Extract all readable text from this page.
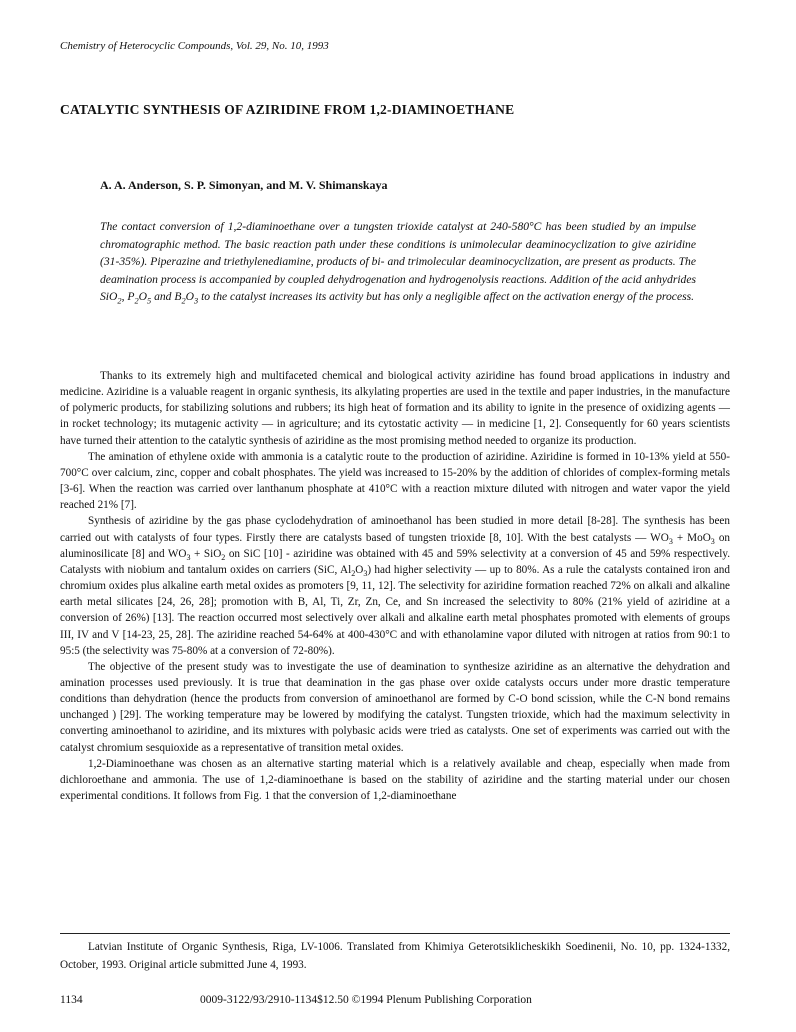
Chemistry of Heterocyclic Compounds, Vol. 29, No. 10, 1993
CATALYTIC SYNTHESIS OF AZIRIDINE FROM 1,2-DIAMINOETHANE
A. A. Anderson, S. P. Simonyan, and M. V. Shimanskaya
The contact conversion of 1,2-diaminoethane over a tungsten trioxide catalyst at 240-580°C has been studied by an impulse chromatographic method. The basic reaction path under these conditions is unimolecular deaminocyclization to give aziridine (31-35%). Piperazine and triethylenediamine, products of bi- and trimolecular deaminocyclization, are present as products. The deamination process is accompanied by coupled dehydrogenation and hydrogenolysis reactions. Addition of the acid anhydrides SiO$_2$, $P_2O_5$ and $B_2O_3$ to the catalyst increases its activity but has only a negligible affect on the activation energy of the process.

Thanks to its extremely high and multifaceted chemical and biological activity aziridine has found broad applications in industry and medicine. Aziridine is a valuable reagent in organic synthesis, its alkylating properties are used in the textile and paper industries, in the manufacture of polymeric products, for stabilizing solutions and rubbers; its high heat of formation and its ability to ignite in the presence of oxidizing agents — in rocket technology; its mutagenic activity — in agriculture; and its cytostatic activity — in medicine [1, 2]. Consequently for 60 years scientists have turned their attention to the catalytic synthesis of aziridine as the most promising method needed to organize its production.

The amination of ethylene oxide with ammonia is a catalytic route to the production of aziridine. Aziridine is formed in 10-13% yield at 550-700°C over calcium, zinc, copper and cobalt phosphates. The yield was increased to 15-20% by the addition of chlorides of complex-forming metals [3-6]. When the reaction was carried over lanthanum phosphate at 410°C with a reaction mixture diluted with nitrogen and water vapor the yield reached 21% [7].

Synthesis of aziridine by the gas phase cyclodehydration of aminoethanol has been studied in more detail [8-28]. The synthesis has been carried out with catalysts of four types. Firstly there are catalysts based of tungsten trioxide [8, 10]. With the best catalysts — $WO_3 + MoO_3$ on aluminosilicate [8] and $WO_3 + SiO_2$ on SiC [10] - aziridine was obtained with 45 and 59% selectivity at a conversion of 45 and 59% respectively. Catalysts with niobium and tantalum oxides on carriers (SiC, $Al_2O_3$) had higher selectivity — up to 80%. As a rule the catalysts contained iron and chromium oxides plus alkaline earth metal oxides as promoters [9, 11, 12]. The selectivity for aziridine formation reached 72% on alkali and alkaline earth metal silicates [24, 26, 28]; promotion with B, Al, Ti, Zr, Zn, Ce, and Sn increased the selectivity to 80% (21% yield of aziridine at a conversion of 26%) [13]. The reaction occurred most selectively over alkali and alkaline earth metal phosphates promoted with elements of groups III, IV and V [14-23, 25, 28]. The aziridine reached 54-64% at 400-430°C and with ethanolamine vapor diluted with nitrogen at ratios from 90:1 to 95:5 (the selectivity was 75-80% at a conversion of 72-80%).

The objective of the present study was to investigate the use of deamination to synthesize aziridine as an alternative the dehydration and amination processes used previously. It is true that deamination in the gas phase over oxide catalysts occurs under more drastic temperature conditions than dehydration (hence the products from conversion of aminoethanol are formed by C-O bond scission, while the C-N bond remains unchanged ) [29]. The working temperature may be lowered by modifying the catalyst. Tungsten trioxide, which had the maximum selectivity in converting aminoethanol to aziridine, and its mixtures with polybasic acids were tried as catalysts. One set of experiments was carried out with the catalyst chromium sesquioxide as a representative of transition metal oxides.

1,2-Diaminoethane was chosen as an alternative starting material which is a relatively available and cheap, especially when made from dichloroethane and ammonia. The use of 1,2-diaminoethane is based on the stability of aziridine and the starting material under our chosen experimental conditions. It follows from Fig. 1 that the conversion of 1,2-diaminoethane

Latvian Institute of Organic Synthesis, Riga, LV-1006. Translated from Khimiya Geterotsiklicheskikh Soedinenii, No. 10, pp. 1324-1332, October, 1993. Original article submitted June 4, 1993.
1134	0009-3122/93/2910-1134$12.50 ©1994 Plenum Publishing Corporation
